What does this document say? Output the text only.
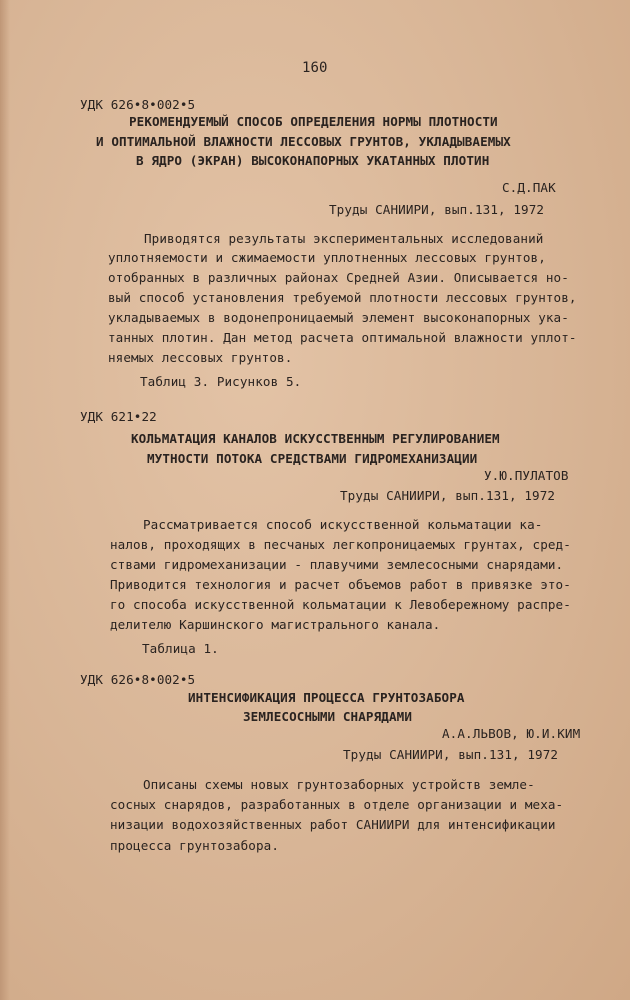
160
УДК 626•8•002•5
РЕКОМЕНДУЕМЫЙ СПОСОБ ОПРЕДЕЛЕНИЯ НОРМЫ ПЛОТНОСТИ
И ОПТИМАЛЬНОЙ ВЛАЖНОСТИ ЛЕССОВЫХ ГРУНТОВ, УКЛАДЫВАЕМЫХ
В ЯДРО (ЭКРАН) ВЫСОКОНАПОРНЫХ УКАТАННЫХ ПЛОТИН
С.Д.ПАК
Труды САНИИРИ, вып.131, 1972
Приводятся результаты экспериментальных исследований
уплотняемости и сжимаемости уплотненных лессовых грунтов,
отобранных в различных районах Средней Азии. Описывается но-
вый способ установления требуемой плотности лессовых грунтов,
укладываемых в водонепроницаемый элемент высоконапорных ука-
танных плотин. Дан метод расчета оптимальной влажности уплот-
няемых лессовых грунтов.
Таблиц 3. Рисунков 5.
УДК 621•22
КОЛЬМАТАЦИЯ КАНАЛОВ ИСКУССТВЕННЫМ РЕГУЛИРОВАНИЕМ
МУТНОСТИ ПОТОКА СРЕДСТВАМИ ГИДРОМЕХАНИЗАЦИИ
У.Ю.ПУЛАТОВ
Труды САНИИРИ, вып.131, 1972
Рассматривается способ искусственной кольматации ка-
налов, проходящих в песчаных легкопроницаемых грунтах, сред-
ствами гидромеханизации - плавучими землесосными снарядами.
Приводится технология и расчет объемов работ в привязке это-
го способа искусственной кольматации к Левобережному распре-
делителю Каршинского магистрального канала.
Таблица 1.
УДК 626•8•002•5
ИНТЕНСИФИКАЦИЯ ПРОЦЕССА ГРУНТОЗАБОРА
ЗЕМЛЕСОСНЫМИ СНАРЯДАМИ
А.А.ЛЬВОВ, Ю.И.КИМ
Труды САНИИРИ, вып.131, 1972
Описаны схемы новых грунтозаборных устройств земле-
сосных снарядов, разработанных в отделе организации и меха-
низации водохозяйственных работ САНИИРИ для интенсификации
процесса грунтозабора.
